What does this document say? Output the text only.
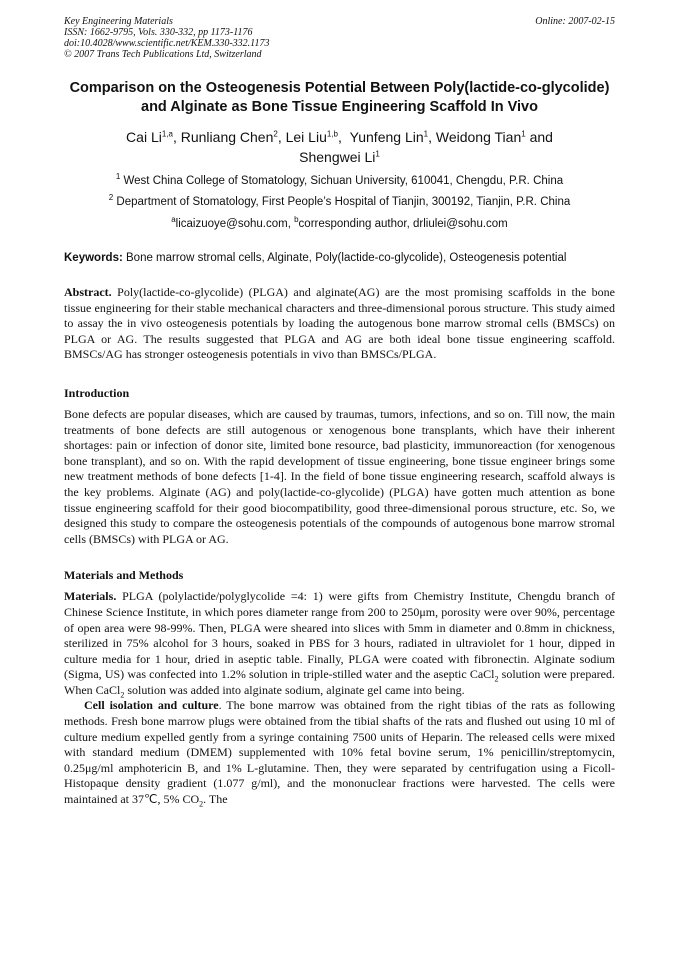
Key Engineering Materials
ISSN: 1662-9795, Vols. 330-332, pp 1173-1176
doi:10.4028/www.scientific.net/KEM.330-332.1173
© 2007 Trans Tech Publications Ltd, Switzerland
Online: 2007-02-15
Comparison on the Osteogenesis Potential Between Poly(lactide-co-glycolide) and Alginate as Bone Tissue Engineering Scaffold In Vivo
Cai Li$^{1,a}$, Runliang Chen$^2$, Lei Liu$^{1,b}$,  Yunfeng Lin$^1$, Weidong Tian$^1$ and
Shengwei Li$^1$
$^1$ West China College of Stomatology, Sichuan University, 610041, Chengdu, P.R. China
$^2$ Department of Stomatology, First People’s Hospital of Tianjin, 300192, Tianjin, P.R. China
$^a$licaizuoye@sohu.com, $^b$corresponding author, drliulei@sohu.com
Keywords: Bone marrow stromal cells, Alginate, Poly(lactide-co-glycolide), Osteogenesis potential

Abstract. Poly(lactide-co-glycolide) (PLGA) and alginate(AG) are the most promising scaffolds in the bone tissue engineering for their stable mechanical characters and three-dimensional porous structure. This study aimed to assay the in vivo osteogenesis potentials by loading the autogenous bone marrow stromal cells (BMSCs) on PLGA or AG. The results suggested that PLGA and AG are both ideal bone tissue engineering scaffold. BMSCs/AG has stronger osteogenesis potentials in vivo than BMSCs/PLGA.

Introduction

Bone defects are popular diseases, which are caused by traumas, tumors, infections, and so on. Till now, the main treatments of bone defects are still autogenous or xenogenous bone transplants, which have their inherent shortages: pain or infection of donor site, limited bone resource, bad plasticity, immunoreaction (for xenogenous bone transplant), and so on. With the rapid development of tissue engineering, bone tissue engineer brings some new treatment methods of bone defects [1-4]. In the field of bone tissue engineering research, scaffold always is the key problems. Alginate (AG) and poly(lactide-co-glycolide) (PLGA) have gotten much attention as bone tissue engineering scaffold for their good biocompatibility, good three-dimensional porous structure, etc. So, we designed this study to compare the osteogenesis potentials of the compounds of autogenous bone marrow stromal cells (BMSCs) with PLGA or AG.

Materials and Methods

Materials. PLGA (polylactide/polyglycolide =4: 1) were gifts from Chemistry Institute, Chengdu branch of Chinese Science Institute, in which pores diameter range from 200 to 250μm, porosity were over 90%, percentage of open area were 98-99%. Then, PLGA were sheared into slices with 5mm in diameter and 0.8mm in chickness, sterilized in 75% alcohol for 3 hours, soaked in PBS for 3 hours, radiated in ultraviolet for 1 hour, dipped in culture media for 1 hour, dried in aseptic table. Finally, PLGA were coated with fibronectin. Alginate sodium (Sigma, US) was confected into 1.2% solution in triple-stilled water and the aseptic CaCl$_2$ solution were prepared. When CaCl$_2$ solution was added into alginate sodium, alginate gel came into being.

Cell isolation and culture. The bone marrow was obtained from the right tibias of the rats as following methods. Fresh bone marrow plugs were obtained from the tibial shafts of the rats and flushed out using 10 ml of culture medium expelled gently from a syringe containing 7500 units of Heparin. The released cells were mixed with standard medium (DMEM) supplemented with 10% fetal bovine serum, 1% penicillin/streptomycin, 0.25μg/ml amphotericin B, and 1% L-glutamine. Then, they were separated by centrifugation using a Ficoll-Histopaque density gradient (1.077 g/ml), and the mononuclear fractions were harvested. The cells were maintained at 37℃, 5% $CO_2$. The
